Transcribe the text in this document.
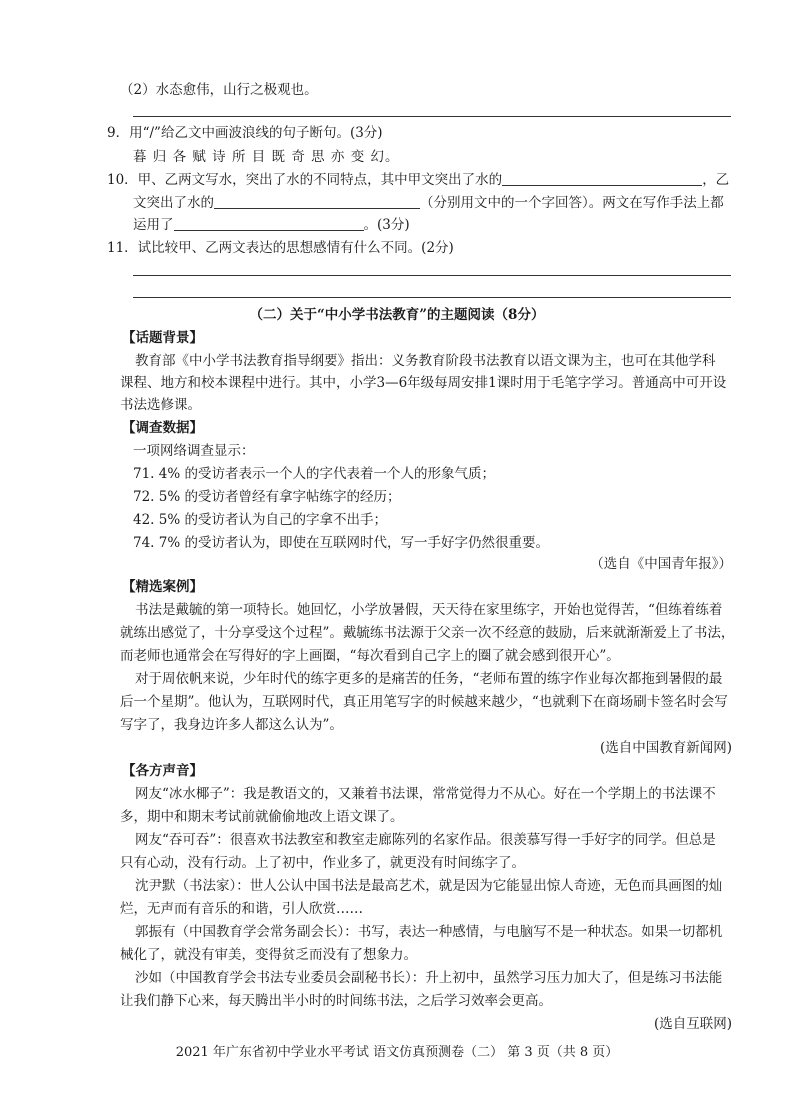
（2）水态愈伟，山行之极观也。
9．用“/”给乙文中画波浪线的句子断句。(3分)
暮 归 各 赋 诗 所 目 既 奇 思 亦 变 幻。
10．甲、乙两文写水，突出了水的不同特点，其中甲文突出了水的	，乙
文突出了水的	（分别用文中的一个字回答）。两文在写作手法上都
运用了	。(3分)
11．试比较甲、乙两文表达的思想感情有什么不同。(2分)
（二）关于“中小学书法教育”的主题阅读（8分）
【话题背景】
教育部《中小学书法教育指导纲要》指出：义务教育阶段书法教育以语文课为主，也可在其他学科
课程、地方和校本课程中进行。其中，小学3—6年级每周安排1课时用于毛笔字学习。普通高中可开设
书法选修课。
【调查数据】
一项网络调查显示：
71. 4% 的受访者表示一个人的字代表着一个人的形象气质；
72. 5% 的受访者曾经有拿字帖练字的经历；
42. 5% 的受访者认为自己的字拿不出手；
74. 7% 的受访者认为，即使在互联网时代，写一手好字仍然很重要。
（选自《中国青年报》）
【精选案例】
书法是戴毓的第一项特长。她回忆，小学放暑假，天天待在家里练字，开始也觉得苦，“但练着练着
就练出感觉了，十分享受这个过程”。戴毓练书法源于父亲一次不经意的鼓励，后来就渐渐爱上了书法，
而老师也通常会在写得好的字上画圈，“每次看到自己字上的圈了就会感到很开心”。
对于周依帆来说，少年时代的练字更多的是痛苦的任务，“老师布置的练字作业每次都拖到暑假的最
后一个星期”。他认为，互联网时代，真正用笔写字的时候越来越少，“也就剩下在商场刷卡签名时会写
写字了，我身边许多人都这么认为”。
(选自中国教育新闻网)
【各方声音】
网友“冰水椰子”：我是教语文的，又兼着书法课，常常觉得力不从心。好在一个学期上的书法课不
多，期中和期末考试前就偷偷地改上语文课了。
网友“吞可吞”：很喜欢书法教室和教室走廊陈列的名家作品。很羡慕写得一手好字的同学。但总是
只有心动，没有行动。上了初中，作业多了，就更没有时间练字了。
沈尹默（书法家）：世人公认中国书法是最高艺术，就是因为它能显出惊人奇迹，无色而具画图的灿
烂，无声而有音乐的和谐，引人欣赏……
郭振有（中国教育学会常务副会长）：书写，表达一种感情，与电脑写不是一种状态。如果一切都机
械化了，就没有审美，变得贫乏而没有了想象力。
沙如（中国教育学会书法专业委员会副秘书长）：升上初中，虽然学习压力加大了，但是练习书法能
让我们静下心来，每天腾出半小时的时间练书法，之后学习效率会更高。
(选自互联网)
2021 年广东省初中学业水平考试 语文仿真预测卷（二） 第 3 页（共 8 页）
